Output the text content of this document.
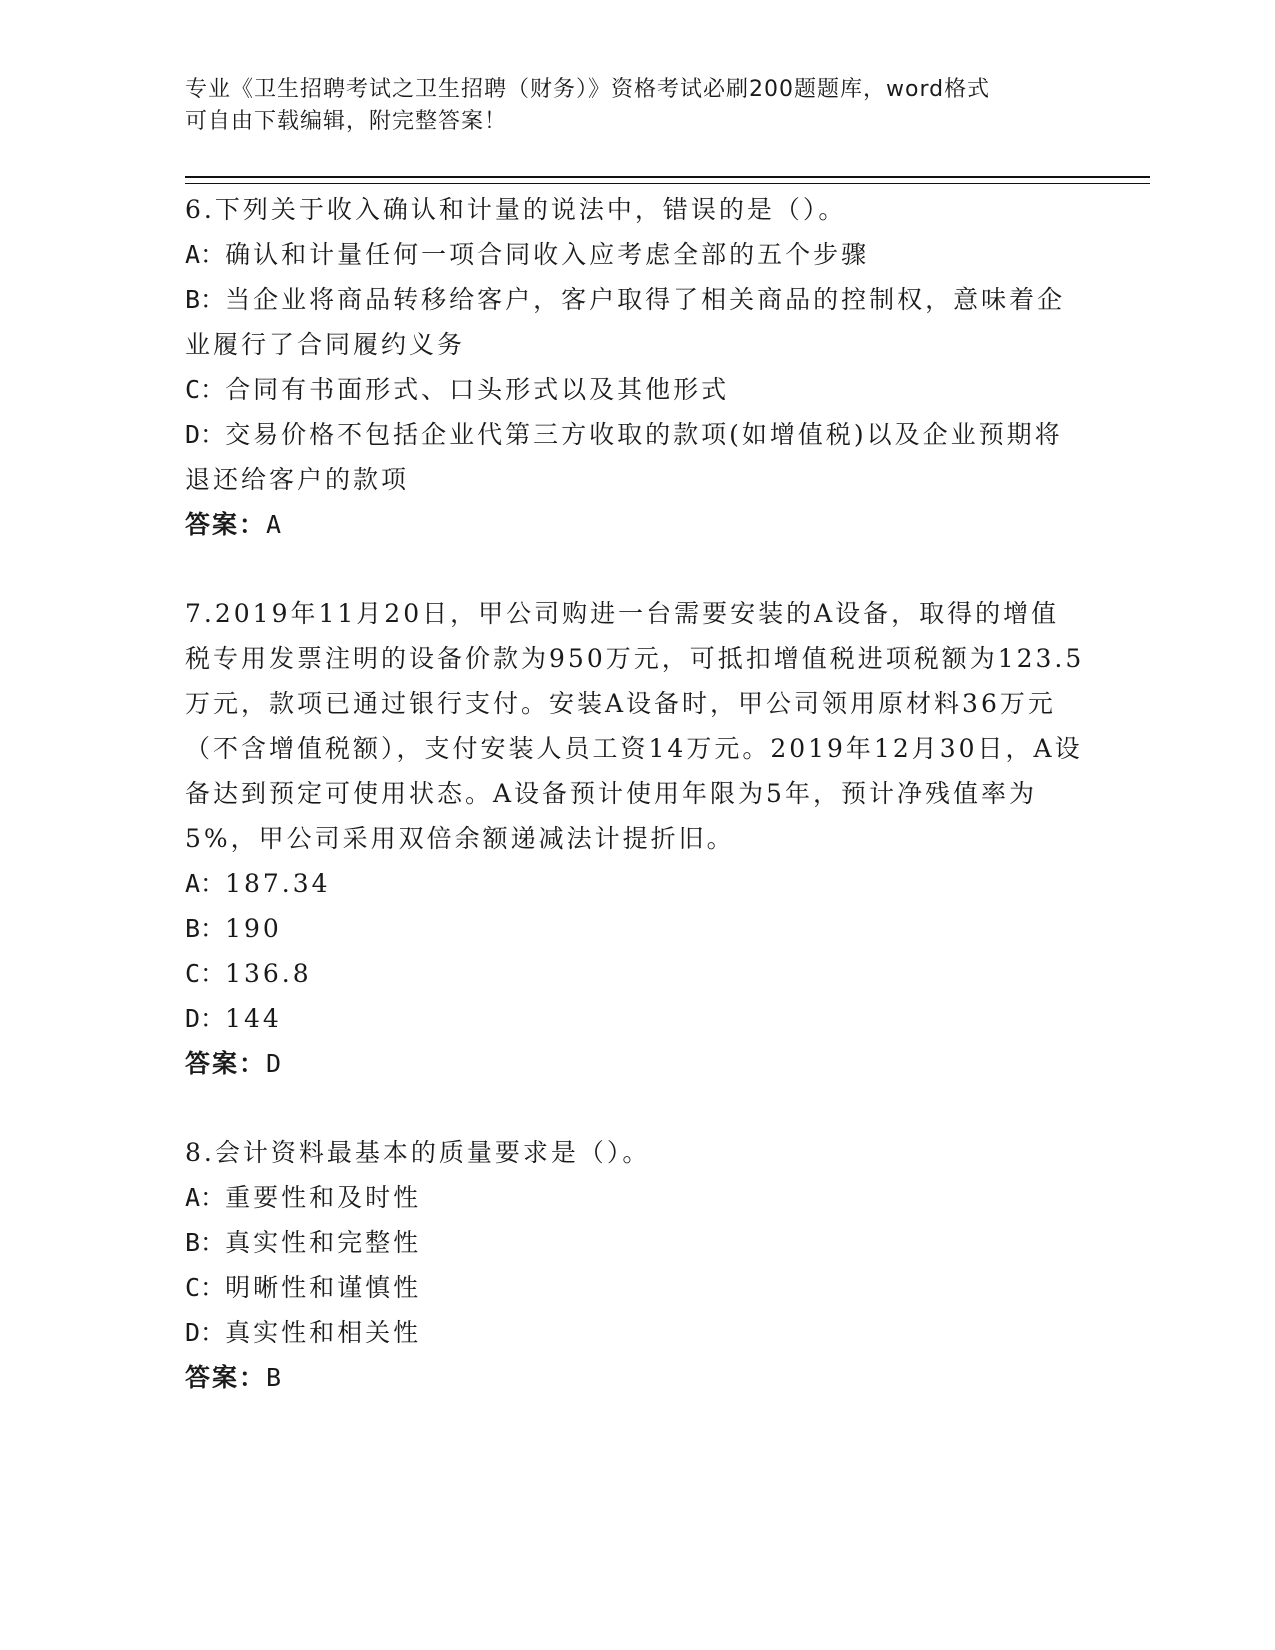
专业《卫生招聘考试之卫生招聘（财务）》资格考试必刷200题题库，word格式
可自由下载编辑，附完整答案！

6.下列关于收入确认和计量的说法中，错误的是（）。

A：确认和计量任何一项合同收入应考虑全部的五个步骤

B：当企业将商品转移给客户，客户取得了相关商品的控制权，意味着企业履行了合同履约义务

C：合同有书面形式、口头形式以及其他形式

D：交易价格不包括企业代第三方收取的款项(如增值税)以及企业预期将退还给客户的款项

答案：A

7.2019年11月20日，甲公司购进一台需要安装的A设备，取得的增值税专用发票注明的设备价款为950万元，可抵扣增值税进项税额为123.5万元，款项已通过银行支付。安装A设备时，甲公司领用原材料36万元（不含增值税额），支付安装人员工资14万元。2019年12月30日，A设备达到预定可使用状态。A设备预计使用年限为5年，预计净残值率为5%，甲公司采用双倍余额递减法计提折旧。

A：187.34

B：190

C：136.8

D：144

答案：D

8.会计资料最基本的质量要求是（）。

A：重要性和及时性

B：真实性和完整性

C：明晰性和谨慎性

D：真实性和相关性

答案：B
